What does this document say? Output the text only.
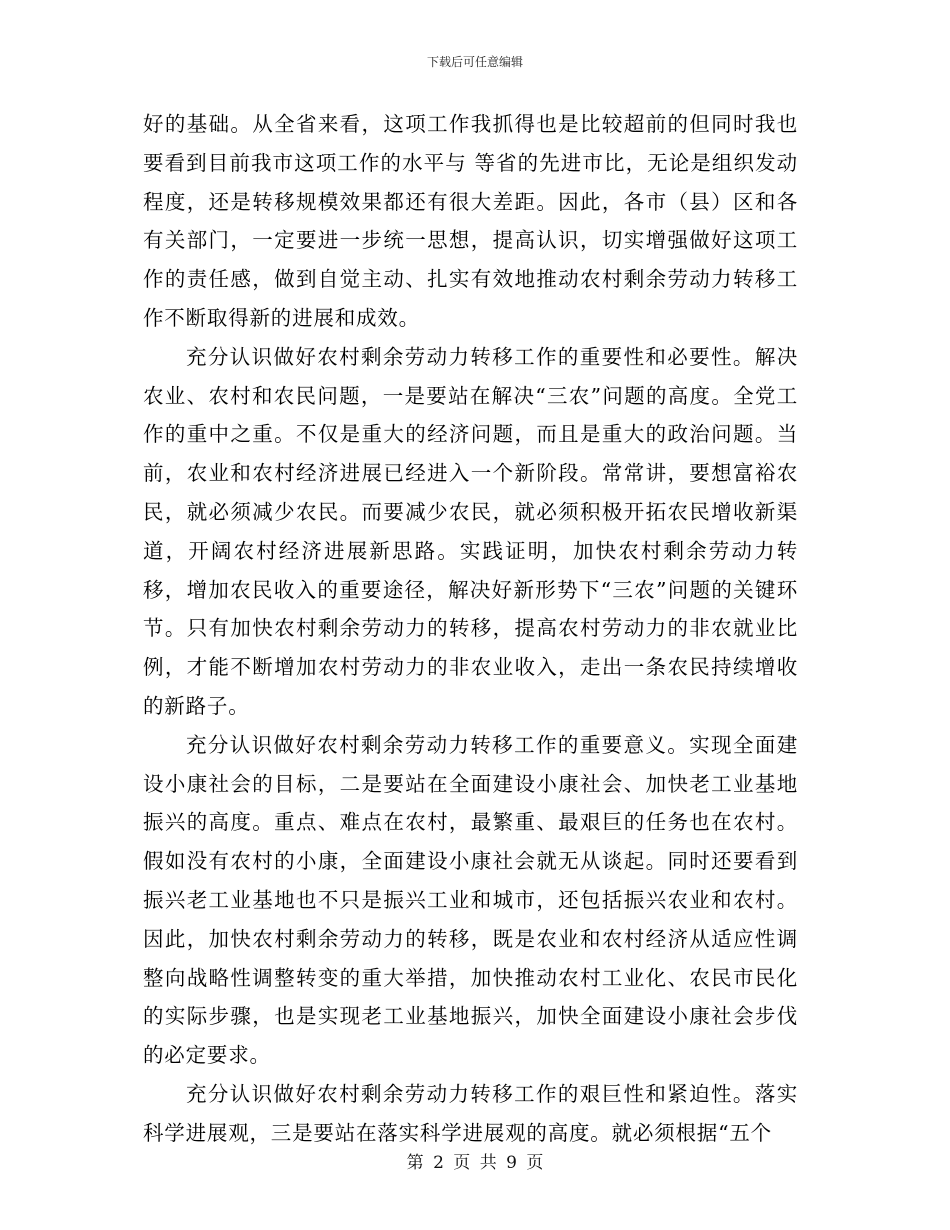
下载后可任意编辑

好的基础。从全省来看，这项工作我抓得也是比较超前的但同时我也要看到目前我市这项工作的水平与 等省的先进市比，无论是组织发动程度，还是转移规模效果都还有很大差距。因此，各市（县）区和各有关部门，一定要进一步统一思想，提高认识，切实增强做好这项工作的责任感，做到自觉主动、扎实有效地推动农村剩余劳动力转移工作不断取得新的进展和成效。

充分认识做好农村剩余劳动力转移工作的重要性和必要性。解决农业、农村和农民问题，一是要站在解决“三农”问题的高度。全党工作的重中之重。不仅是重大的经济问题，而且是重大的政治问题。当前，农业和农村经济进展已经进入一个新阶段。常常讲，要想富裕农民，就必须减少农民。而要减少农民，就必须积极开拓农民增收新渠道，开阔农村经济进展新思路。实践证明，加快农村剩余劳动力转移，增加农民收入的重要途径，解决好新形势下“三农”问题的关键环节。只有加快农村剩余劳动力的转移，提高农村劳动力的非农就业比例，才能不断增加农村劳动力的非农业收入，走出一条农民持续增收的新路子。

充分认识做好农村剩余劳动力转移工作的重要意义。实现全面建设小康社会的目标，二是要站在全面建设小康社会、加快老工业基地振兴的高度。重点、难点在农村，最繁重、最艰巨的任务也在农村。假如没有农村的小康，全面建设小康社会就无从谈起。同时还要看到振兴老工业基地也不只是振兴工业和城市，还包括振兴农业和农村。因此，加快农村剩余劳动力的转移，既是农业和农村经济从适应性调整向战略性调整转变的重大举措，加快推动农村工业化、农民市民化的实际步骤，也是实现老工业基地振兴，加快全面建设小康社会步伐的必定要求。

充分认识做好农村剩余劳动力转移工作的艰巨性和紧迫性。落实科学进展观，三是要站在落实科学进展观的高度。就必须根据“五个

第 2 页 共 9 页
